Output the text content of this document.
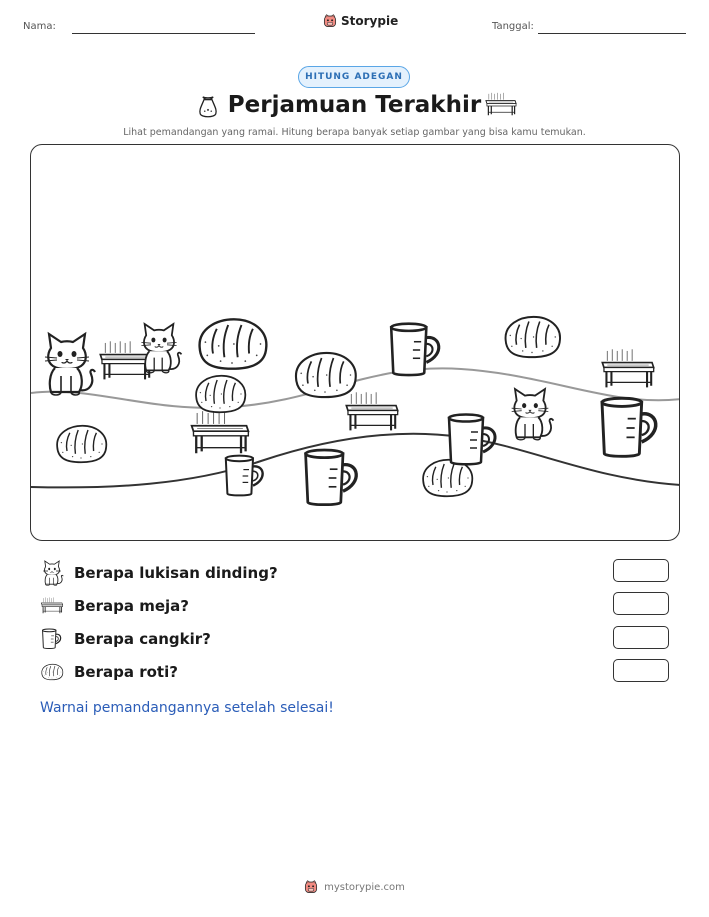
Nama:	Storypie	Tanggal:
HITUNG ADEGAN
Perjamuan Terakhir
Lihat pemandangan yang ramai. Hitung berapa banyak setiap gambar yang bisa kamu temukan.
Berapa lukisan dinding?
Berapa meja?
Berapa cangkir?
Berapa roti?
Warnai pemandangannya setelah selesai!
mystorypie.com
